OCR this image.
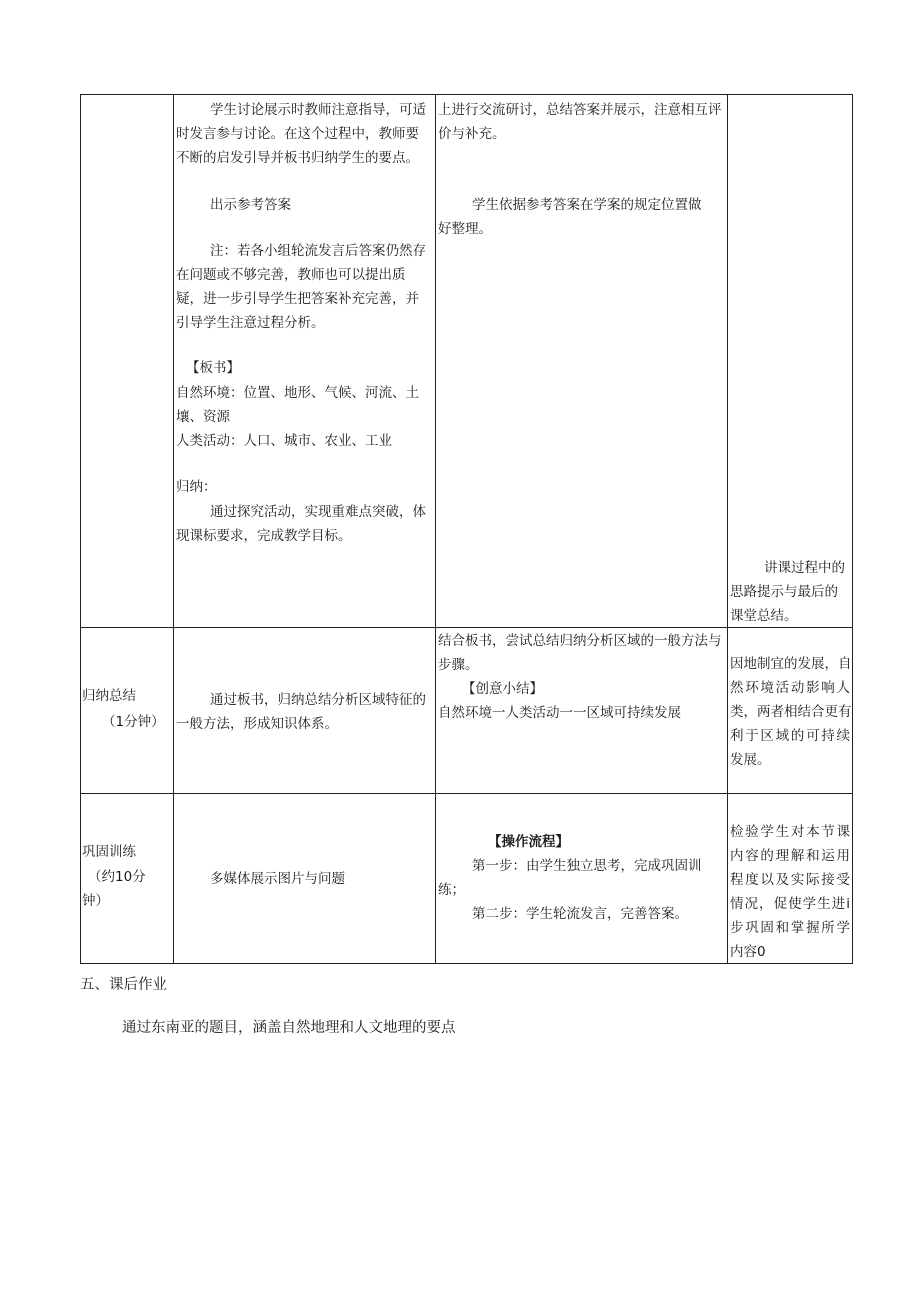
学生讨论展示时教师注意指导，可适
时发言参与讨论。在这个过程中，教师要
不断的启发引导并板书归纳学生的要点。
出示参考答案
注：若各小组轮流发言后答案仍然存
在问题或不够完善，教师也可以提出质
疑，进一步引导学生把答案补充完善，并
引导学生注意过程分析。
【板书】
自然环境：位置、地形、气候、河流、土
壤、资源
人类活动：人口、城市、农业、工业
归纳：
通过探究活动，实现重难点突破，体
现课标要求，完成教学目标。
上进行交流研讨，总结答案并展示，注意相互评
价与补充。
学生依据参考答案在学案的规定位置做
好整理。
讲课过程中的
思路提示与最后的
课堂总结。
归纳总结
（1分钟）
通过板书，归纳总结分析区域特征的
一般方法，形成知识体系。
结合板书，尝试总结归纳分析区域的一般方法与
步骤。
【创意小结】
自然环境一人类活动一一区域可持续发展
因地制宜的发展，自
然环境活动影响人
类，两者相结合更有
利于区域的可持续
发展。
巩固训练
（约10分
钟）
多媒体展示图片与问题
【操作流程】
第一步：由学生独立思考，完成巩固训
练；
第二步：学生轮流发言，完善答案。
检验学生对本节课
内容的理解和运用
程度以及实际接受
情况，促使学生进i
步巩固和掌握所学
内容0
五、课后作业
通过东南亚的题目，涵盖自然地理和人文地理的要点
